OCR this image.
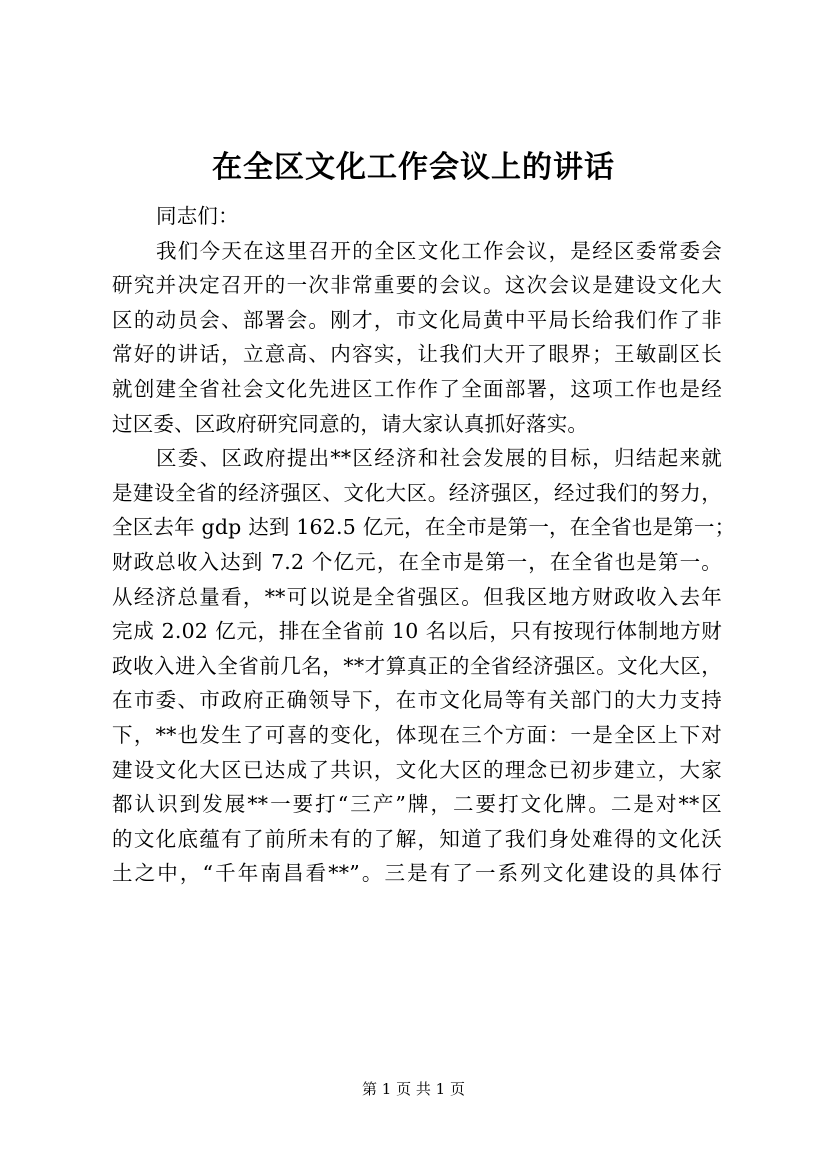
在全区文化工作会议上的讲话
同志们：
我们今天在这里召开的全区文化工作会议，是经区委常委会
研究并决定召开的一次非常重要的会议。这次会议是建设文化大
区的动员会、部署会。刚才，市文化局黄中平局长给我们作了非
常好的讲话，立意高、内容实，让我们大开了眼界；王敏副区长
就创建全省社会文化先进区工作作了全面部署，这项工作也是经
过区委、区政府研究同意的，请大家认真抓好落实。
区委、区政府提出**区经济和社会发展的目标，归结起来就
是建设全省的经济强区、文化大区。经济强区，经过我们的努力，
全区去年 gdp 达到 162.5 亿元，在全市是第一，在全省也是第一；
财政总收入达到 7.2 个亿元，在全市是第一，在全省也是第一。
从经济总量看，**可以说是全省强区。但我区地方财政收入去年
完成 2.02 亿元，排在全省前 10 名以后，只有按现行体制地方财
政收入进入全省前几名，**才算真正的全省经济强区。文化大区，
在市委、市政府正确领导下，在市文化局等有关部门的大力支持
下，**也发生了可喜的变化，体现在三个方面：一是全区上下对
建设文化大区已达成了共识，文化大区的理念已初步建立，大家
都认识到发展**一要打“三产”牌，二要打文化牌。二是对**区
的文化底蕴有了前所未有的了解，知道了我们身处难得的文化沃
土之中，“千年南昌看**”。三是有了一系列文化建设的具体行
第 1 页 共 1 页
